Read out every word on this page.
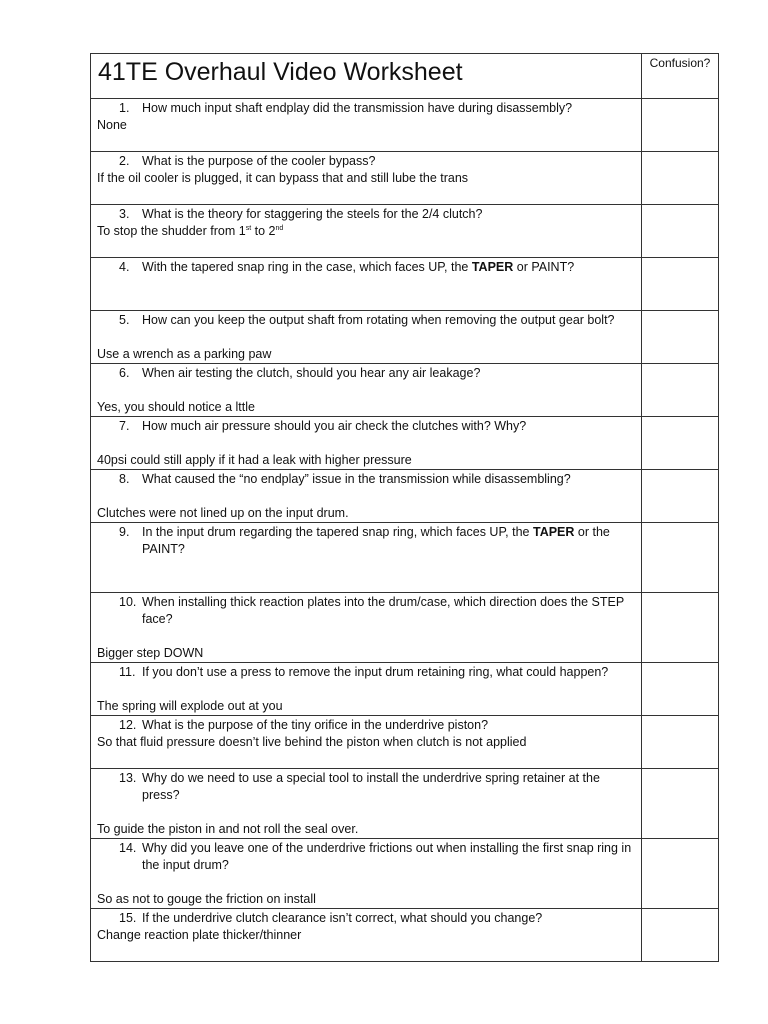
41TE Overhaul Video Worksheet	Confusion?

1. How much input shaft endplay did the transmission have during disassembly?
None	

2. What is the purpose of the cooler bypass?
If the oil cooler is plugged, it can bypass that and still lube the trans	

3. What is the theory for staggering the steels for the 2/4 clutch?
To stop the shudder from 1st to 2nd

4. With the tapered snap ring in the case, which faces UP, the TAPER or PAINT?	

5. How can you keep the output shaft from rotating when removing the output gear bolt?
Use a wrench as a parking paw	

6. When air testing the clutch, should you hear any air leakage?
Yes, you should notice a lttle	

7. How much air pressure should you air check the clutches with? Why?
40psi could still apply if it had a leak with higher pressure	

8. What caused the “no endplay” issue in the transmission while disassembling?
Clutches were not lined up on the input drum.	

9. In the input drum regarding the tapered snap ring, which faces UP, the TAPER or the PAINT?	

10. When installing thick reaction plates into the drum/case, which direction does the STEP face?
Bigger step DOWN	

11. If you don’t use a press to remove the input drum retaining ring, what could happen?
The spring will explode out at you	

12. What is the purpose of the tiny orifice in the underdrive piston?
So that fluid pressure doesn’t live behind the piston when clutch is not applied	

13. Why do we need to use a special tool to install the underdrive spring retainer at the press?
To guide the piston in and not roll the seal over.	

14. Why did you leave one of the underdrive frictions out when installing the first snap ring in the input drum?
So as not to gouge the friction on install	

15. If the underdrive clutch clearance isn’t correct, what should you change?
Change reaction plate thicker/thinner	
